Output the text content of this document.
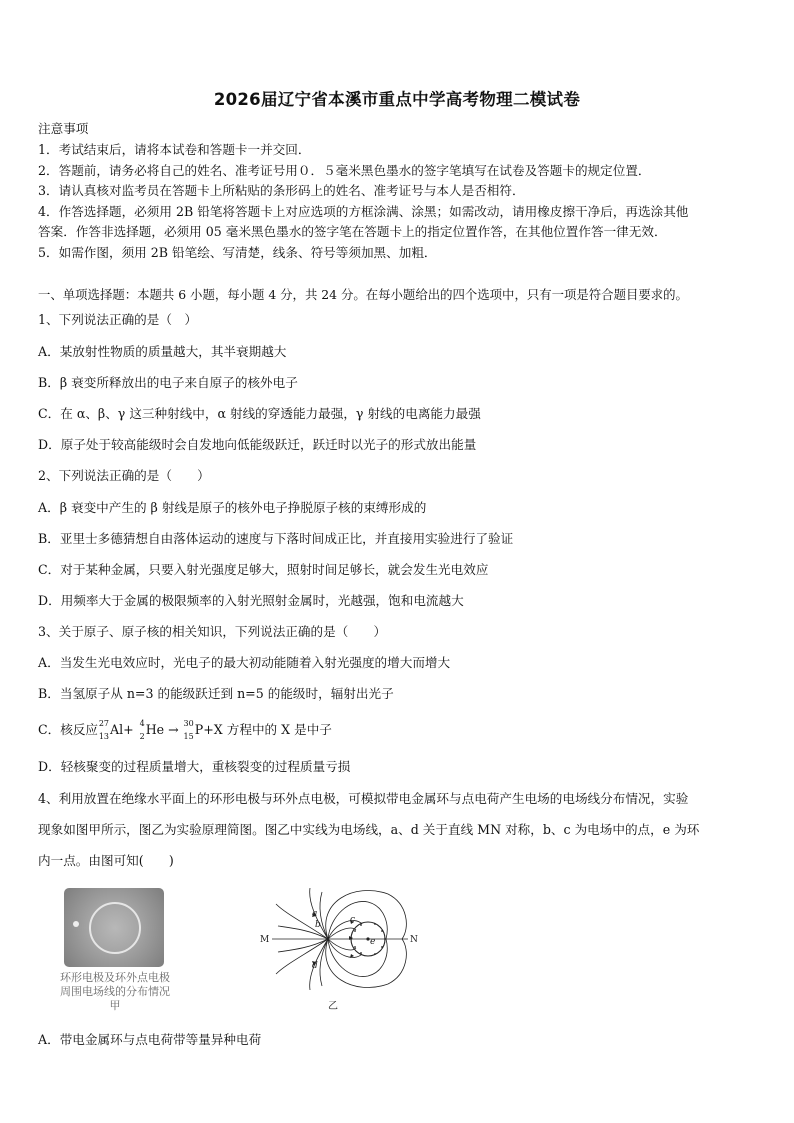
2026届辽宁省本溪市重点中学高考物理二模试卷
注意事项
1．考试结束后，请将本试卷和答题卡一并交回．
2．答题前，请务必将自己的姓名、准考证号用０．５毫米黑色墨水的签字笔填写在试卷及答题卡的规定位置．
3．请认真核对监考员在答题卡上所粘贴的条形码上的姓名、准考证号与本人是否相符．
4．作答选择题，必须用 2B 铅笔将答题卡上对应选项的方框涂满、涂黑；如需改动，请用橡皮擦干净后，再选涂其他
答案．作答非选择题，必须用 05 毫米黑色墨水的签字笔在答题卡上的指定位置作答，在其他位置作答一律无效．
5．如需作图，须用 2B 铅笔绘、写清楚，线条、符号等须加黑、加粗．
一、单项选择题：本题共 6 小题，每小题 4 分，共 24 分。在每小题给出的四个选项中，只有一项是符合题目要求的。
1、下列说法正确的是（　）
A．某放射性物质的质量越大，其半衰期越大
B．β 衰变所释放出的电子来自原子的核外电子
C．在 α、β、γ 这三种射线中，α 射线的穿透能力最强，γ 射线的电离能力最强
D．原子处于较高能级时会自发地向低能级跃迁，跃迁时以光子的形式放出能量
2、下列说法正确的是（　　）
A．β 衰变中产生的 β 射线是原子的核外电子挣脱原子核的束缚形成的
B．亚里士多德猜想自由落体运动的速度与下落时间成正比，并直接用实验进行了验证
C．对于某种金属，只要入射光强度足够大，照射时间足够长，就会发生光电效应
D．用频率大于金属的极限频率的入射光照射金属时，光越强，饱和电流越大
3、关于原子、原子核的相关知识，下列说法正确的是（　　）
A．当发生光电效应时，光电子的最大初动能随着入射光强度的增大而增大
B．当氢原子从 n=3 的能级跃迁到 n=5 的能级时，辐射出光子
C．核反应 27
13 Al+ 4
2 He → 30
15 P+X 方程中的 X 是中子
D．轻核聚变的过程质量增大，重核裂变的过程质量亏损
4、利用放置在绝缘水平面上的环形电极与环外点电极，可模拟带电金属环与点电荷产生电场的电场线分布情况，实验
现象如图甲所示，图乙为实验原理简图。图乙中实线为电场线，a、d 关于直线 MN 对称，b、c 为电场中的点，e 为环
内一点。由图可知(　　)
环形电极及环外点电极
周围电场线的分布情况
甲
M	N
a
b	c
d
e
乙
A．带电金属环与点电荷带等量异种电荷
